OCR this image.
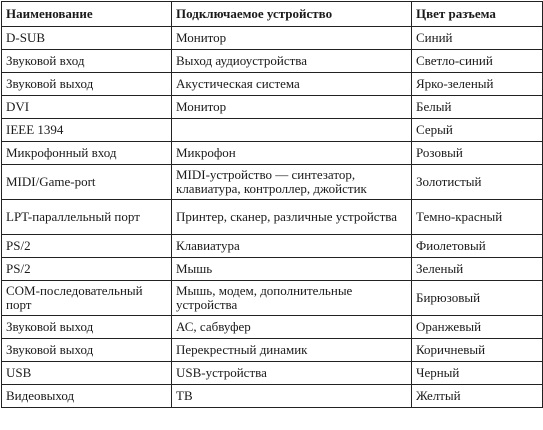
Наименование	Подключаемое устройство	Цвет разъема
D-SUB	Монитор	Синий
Звуковой вход	Выход аудиоустройства	Светло-синий
Звуковой выход	Акустическая система	Ярко-зеленый
DVI	Монитор	Белый
IEEE 1394		Серый
Микрофонный вход	Микрофон	Розовый
MIDI/Game-port	MIDI-устройство — синтезатор, клавиатура, контроллер, джойстик	Золотистый
LPT-параллельный порт	Принтер, сканер, различные устройства	Темно-красный
PS/2	Клавиатура	Фиолетовый
PS/2	Мышь	Зеленый
COM-последовательный порт	Мышь, модем, дополнительные устройства	Бирюзовый
Звуковой выход	АС, сабвуфер	Оранжевый
Звуковой выход	Перекрестный динамик	Коричневый
USB	USB-устройства	Черный
Видеовыход	ТВ	Желтый
